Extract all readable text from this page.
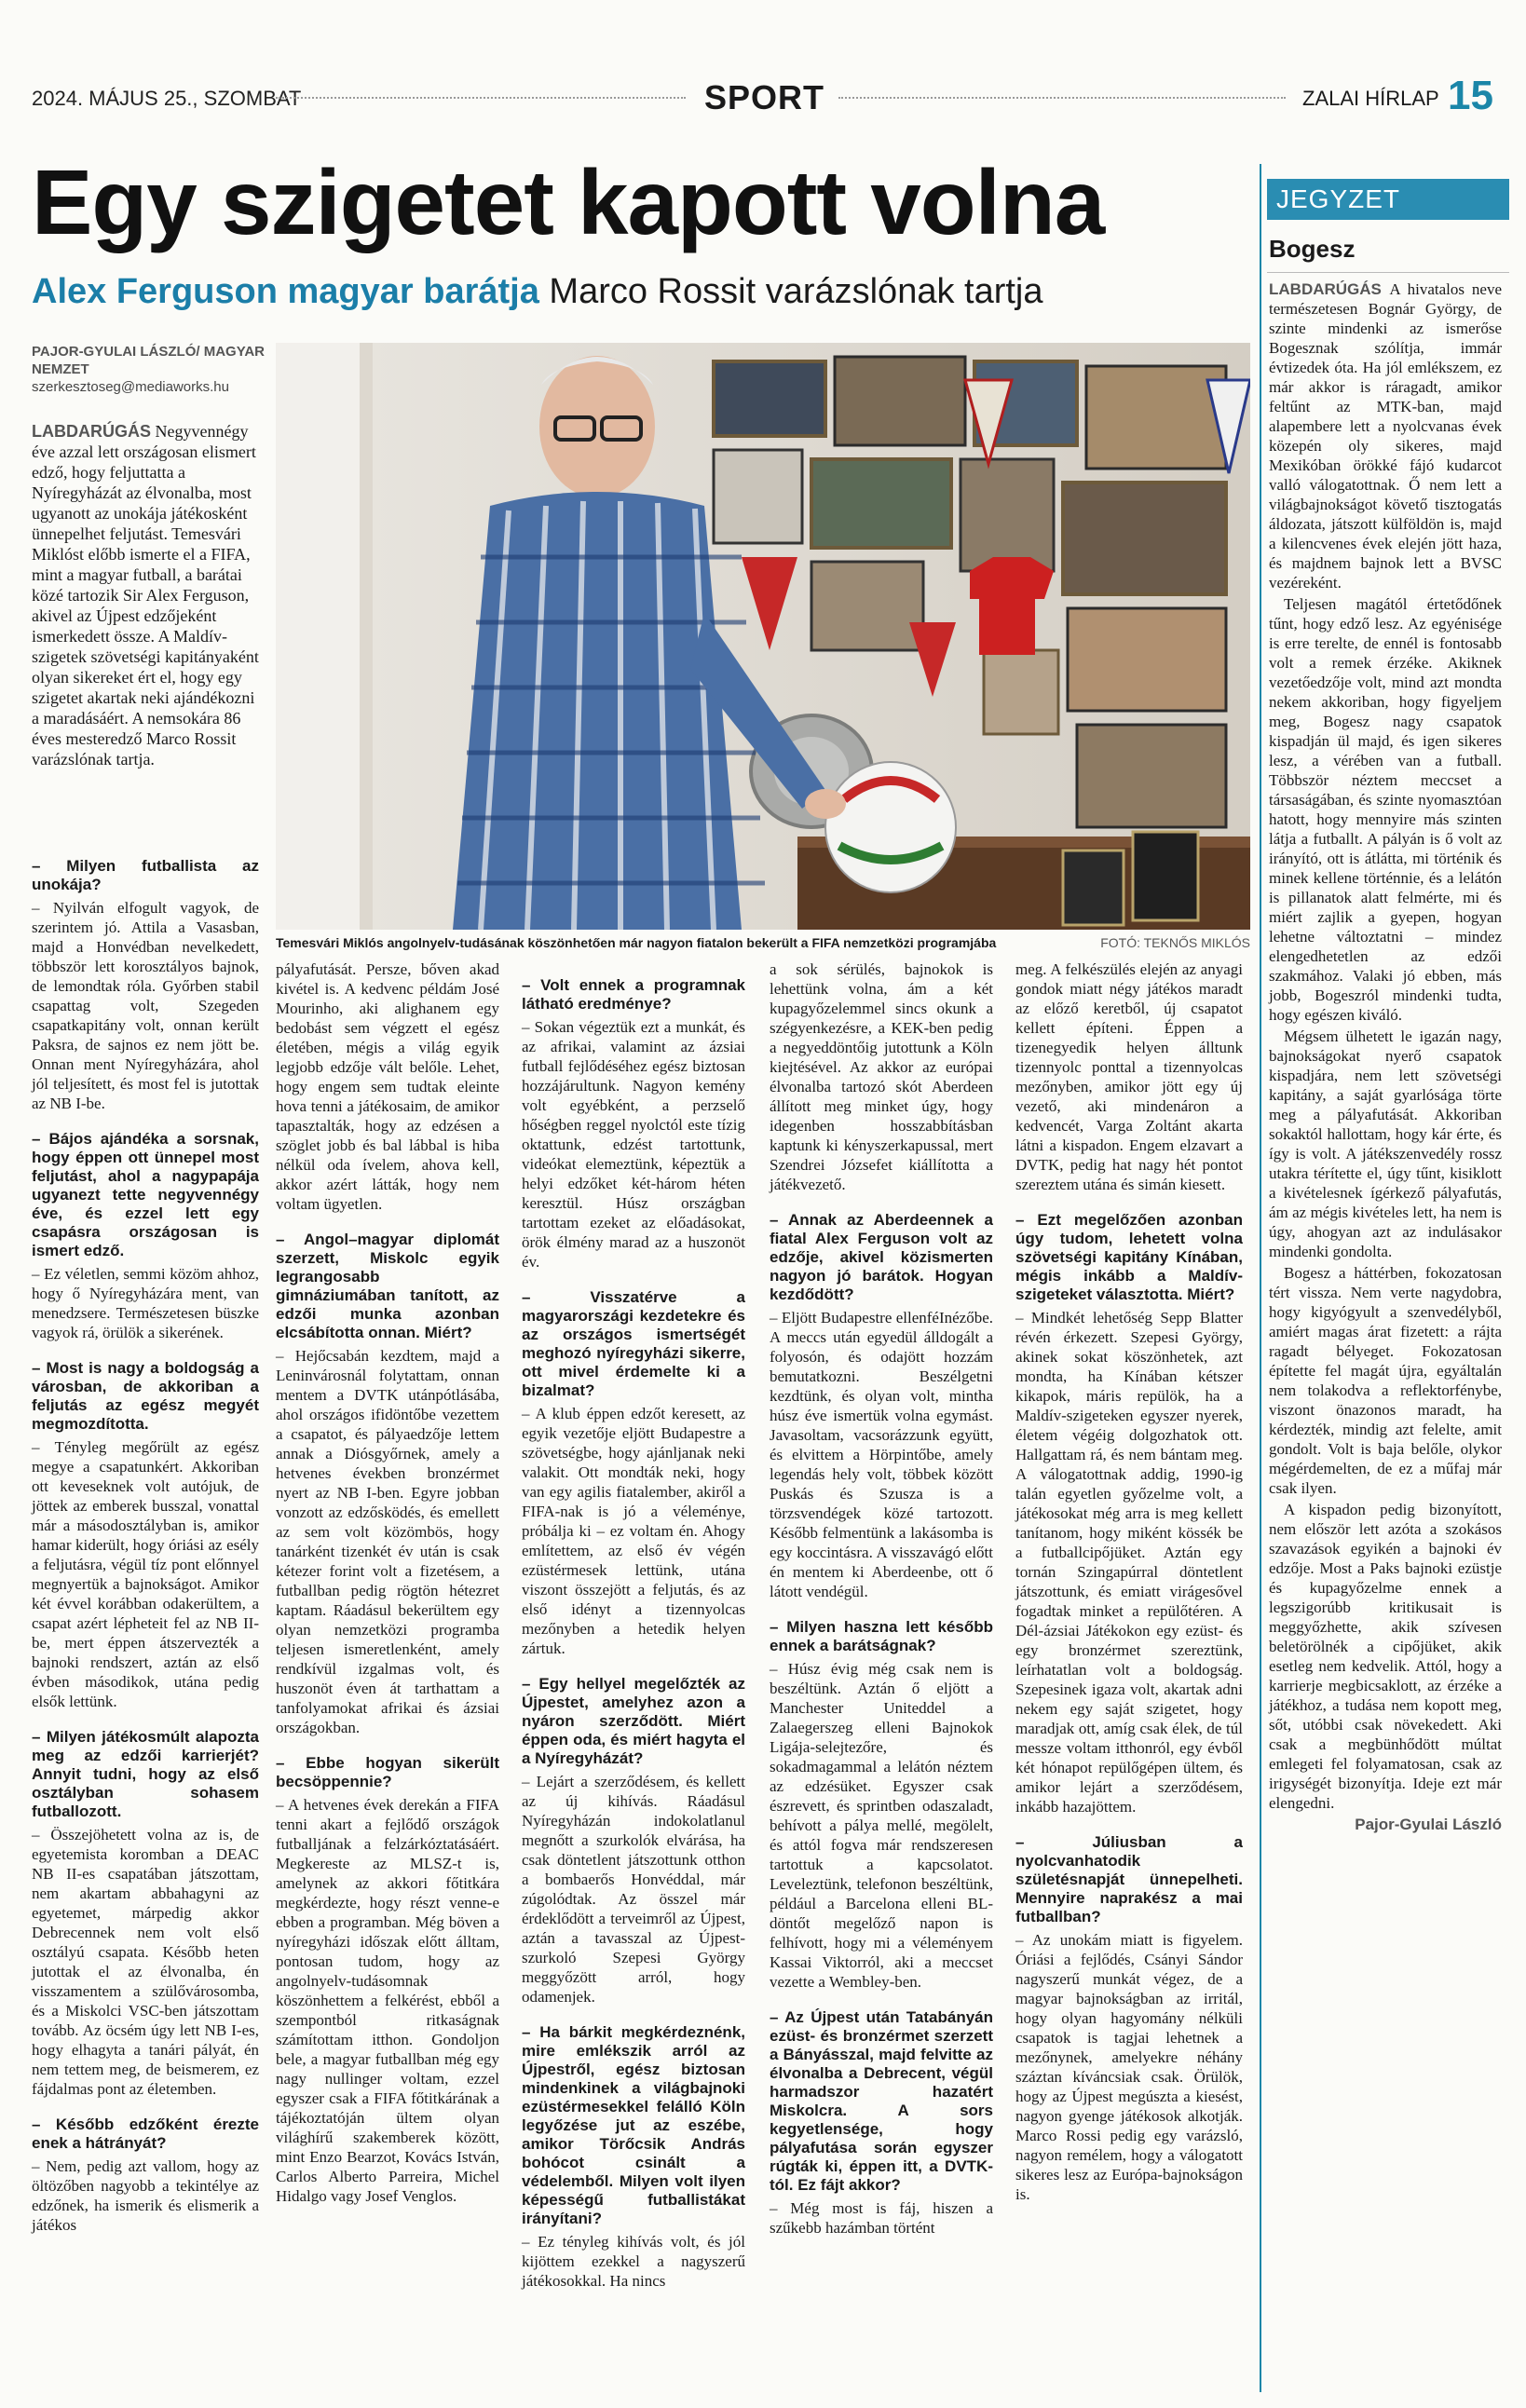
2024. MÁJUS 25., SZOMBAT	SPORT	ZALAI HÍRLAP 15
Egy szigetet kapott volna
Alex Ferguson magyar barátja Marco Rossit varázslónak tartja
PAJOR-GYULAI LÁSZLÓ/ MAGYAR NEMZET
szerkesztoseg@mediaworks.hu
LABDARÚGÁS Negyvennégy éve azzal lett országosan elismert edző, hogy feljuttatta a Nyíregyházát az élvonalba, most ugyanott az unokája játékosként ünnepelhet feljutást. Temesvári Miklóst előbb ismerte el a FIFA, mint a magyar futball, a barátai közé tartozik Sir Alex Ferguson, akivel az Újpest edzőjeként ismerkedett össze. A Maldív-szigetek szövetségi kapitányaként olyan sikereket ért el, hogy egy szigetet akartak neki ajándékozni a maradásáért. A nemsokára 86 éves mesteredző Marco Rossit varázslónak tartja.
Temesvári Miklós angolnyelv-tudásának köszönhetően már nagyon fiatalon bekerült a FIFA nemzetközi programjába	FOTÓ: TEKNŐS MIKLÓS
– Milyen futballista az unokája?

– Nyilván elfogult vagyok, de szerintem jó. Attila a Vasasban, majd a Honvédban nevelkedett, többször lett korosztályos bajnok, de lemondtak róla. Győrben stabil csapattag volt, Szegeden csapatkapitány volt, onnan került Paksra, de sajnos ez nem jött be. Onnan ment Nyíregyházára, ahol jól teljesített, és most fel is jutottak az NB I-be.

– Bájos ajándéka a sorsnak, hogy éppen ott ünnepel most feljutást, ahol a nagypapája ugyanezt tette negyvennégy éve, és ezzel lett egy csapásra országosan is ismert edző.

– Ez véletlen, semmi közöm ahhoz, hogy ő Nyíregyházára ment, van menedzsere. Természetesen büszke vagyok rá, örülök a sikerének.

– Most is nagy a boldogság a városban, de akkoriban a feljutás az egész megyét megmozdította.

– Tényleg megőrült az egész megye a csapatunkért. Akkoriban ott keveseknek volt autójuk, de jöttek az emberek busszal, vonattal már a másodosztályban is, amikor hamar kiderült, hogy óriási az esély a feljutásra, végül tíz pont előnnyel megnyertük a bajnokságot. Amikor két évvel korábban odakerültem, a csapat azért lépheteit fel az NB II-be, mert éppen átszervezték a bajnoki rendszert, aztán az első évben másodikok, utána pedig elsők lettünk.

– Milyen játékosmúlt alapozta meg az edzői karrierjét? Annyit tudni, hogy az első osztályban sohasem futballozott.

– Összejöhetett volna az is, de egyetemista koromban a DEAC NB II-es csapatában játszottam, nem akartam abbahagyni az egyetemet, márpedig akkor Debrecennek nem volt első osztályú csapata. Később heten jutottak el az élvonalba, én visszamentem a szülővárosomba, és a Miskolci VSC-ben játszottam tovább. Az öcsém úgy lett NB I-es, hogy elhagyta a tanári pályát, én nem tettem meg, de beismerem, ez fájdalmas pont az életemben.

– Később edzőként érezte enek a hátrányát?

– Nem, pedig azt vallom, hogy az öltözőben nagyobb a tekintélye az edzőnek, ha ismerik és elismerik a játékos

pályafutását. Persze, bőven akad kivétel is. A kedvenc példám José Mourinho, aki alighanem egy bedobást sem végzett el egész életében, mégis a világ egyik legjobb edzője vált belőle. Lehet, hogy engem sem tudtak eleinte hova tenni a játékosaim, de amikor tapasztalták, hogy az edzésen a szöglet jobb és bal lábbal is hiba nélkül oda ívelem, ahova kell, akkor azért látták, hogy nem voltam ügyetlen.

– Angol–magyar diplomát szerzett, Miskolc egyik legrangosabb gimnáziumában tanított, az edzői munka azonban elcsábította onnan. Miért?

– Hejőcsabán kezdtem, majd a Leninvárosnál folytattam, onnan mentem a DVTK utánpótlásába, ahol országos ifidöntőbe vezettem a csapatot, és pályaedzője lettem annak a Diósgyőrnek, amely a hetvenes években bronzérmet nyert az NB I-ben. Egyre jobban vonzott az edzősködés, és emellett az sem volt közömbös, hogy tanárként tizenkét év után is csak kétezer forint volt a fizetésem, a futballban pedig rögtön hétezret kaptam. Ráadásul bekerültem egy olyan nemzetközi programba teljesen ismeretlenként, amely rendkívül izgalmas volt, és huszonöt éven át tarthattam a tanfolyamokat afrikai és ázsiai országokban.

– Ebbe hogyan sikerült becsöppennie?

– A hetvenes évek derekán a FIFA tenni akart a fejlődő országok futballjának a felzárkóztatásáért. Megkereste az MLSZ-t is, amelynek az akkori főtitkára megkérdezte, hogy részt venne-e ebben a programban. Még böven a nyíregyházi időszak előtt álltam, pontosan tudom, hogy az angolnyelv-tudásomnak köszönhettem a felkérést, ebből a szempontból ritkaságnak számítottam itthon. Gondoljon bele, a magyar futballban még egy nagy nullinger voltam, ezzel egyszer csak a FIFA főtitkárának a tájékoztatóján ültem olyan világhírű szakemberek között, mint Enzo Bearzot, Kovács István, Carlos Alberto Parreira, Michel Hidalgo vagy Josef Venglos.

– Volt ennek a programnak látható eredménye?

– Sokan végeztük ezt a munkát, és az afrikai, valamint az ázsiai futball fejlődéséhez egész biztosan hozzájárultunk. Nagyon kemény volt egyébként, a perzselő hőségben reggel nyolctól este tízig oktattunk, edzést tartottunk, videókat elemeztünk, képeztük a helyi edzőket két-három héten keresztül. Húsz országban tartottam ezeket az előadásokat, örök élmény marad az a huszonöt év.

– Visszatérve a magyarországi kezdetekre és az országos ismertségét meghozó nyíregyházi sikerre, ott mivel érdemelte ki a bizalmat?

– A klub éppen edzőt keresett, az egyik vezetője eljött Budapestre a szövetségbe, hogy ajánljanak neki valakit. Ott mondták neki, hogy van egy agilis fiatalember, akiről a FIFA-nak is jó a véleménye, próbálja ki – ez voltam én. Ahogy említettem, az első év végén ezüstérmesek lettünk, utána viszont összejött a feljutás, és az első idényt a tizennyolcas mezőnyben a hetedik helyen zártuk.

– Egy hellyel megelőzték az Újpestet, amelyhez azon a nyáron szerződött. Miért éppen oda, és miért hagyta el a Nyíregyházát?

– Lejárt a szerződésem, és kellett az új kihívás. Ráadásul Nyíregyházán indokolatlanul megnőtt a szurkolók elvárása, ha csak döntetlent játszottunk otthon a bombaerős Honvéddal, már zúgolódtak. Az összel már érdeklődött a terveimről az Újpest, aztán a tavasszal az Újpest-szurkoló Szepesi György meggyőzött arról, hogy odamenjek.

– Ha bárkit megkérdeznénk, mire emlékszik arról az Újpestről, egész biztosan mindenkinek a világbajnoki ezüstérmesekkel felálló Köln legyőzése jut az eszébe, amikor Törőcsik András bohócot csinált a védelemből. Milyen volt ilyen képességű futballistákat irányítani?

– Ez tényleg kihívás volt, és jól kijöttem ezekkel a nagyszerű játékosokkal. Ha nincs

a sok sérülés, bajnokok is lehettünk volna, ám a két kupagyőzelemmel sincs okunk a szégyenkezésre, a KEK-ben pedig a negyeddöntőig jutottunk a Köln kiejtésével. Az akkor az európai élvonalba tartozó skót Aberdeen állított meg minket úgy, hogy idegenben hosszabbításban kaptunk ki kényszerkapussal, mert Szendrei Józsefet kiállította a játékvezető.

– Annak az Aberdeennek a fiatal Alex Ferguson volt az edzője, akivel közismerten nagyon jó barátok. Hogyan kezdődött?

– Eljött Budapestre ellenféInézőbe. A meccs után egyedül álldogált a folyosón, és odajött hozzám bemutatkozni. Beszélgetni kezdtünk, és olyan volt, mintha húsz éve ismertük volna egymást. Javasoltam, vacsorázzunk együtt, és elvittem a Hörpintőbe, amely legendás hely volt, többek között Puskás és Szusza is a törzsvendégek közé tartozott. Később felmentünk a lakásomba is egy koccintásra. A visszavágó előtt én mentem ki Aberdeenbe, ott ő látott vendégül.

– Milyen haszna lett később ennek a barátságnak?

– Húsz évig még csak nem is beszéltünk. Aztán ő eljött a Manchester Uniteddel a Zalaegerszeg elleni Bajnokok Ligája-selejtezőre, és sokadmagammal a lelátón néztem az edzésüket. Egyszer csak észrevett, és sprintben odaszaladt, behívott a pálya mellé, megölelt, és attól fogva már rendszeresen tartottuk a kapcsolatot. Leveleztünk, telefonon beszéltünk, például a Barcelona elleni BL-döntőt megelőző napon is felhívott, hogy mi a véleményem Kassai Viktorról, aki a meccset vezette a Wembley-ben.

– Az Újpest után Tatabányán ezüst- és bronzérmet szerzett a Bányásszal, majd felvitte az élvonalba a Debrecent, végül harmadszor hazatért Miskolcra. A sors kegyetlensége, hogy pályafutása során egyszer rúgták ki, éppen itt, a DVTK-tól. Ez fájt akkor?

– Még most is fáj, hiszen a szűkebb hazámban történt

meg. A felkészülés elején az anyagi gondok miatt négy játékos maradt az előző keretből, új csapatot kellett építeni. Éppen a tizenegyedik helyen álltunk tizennyolc ponttal a tizennyolcas mezőnyben, amikor jött egy új vezető, aki mindenáron a kedvencét, Varga Zoltánt akarta látni a kispadon. Engem elzavart a DVTK, pedig hat nagy hét pontot szereztem utána és simán kiesett.

– Ezt megelőzően azonban úgy tudom, lehetett volna szövetségi kapitány Kínában, mégis inkább a Maldív-szigeteket választotta. Miért?

– Mindkét lehetőség Sepp Blatter révén érkezett. Szepesi György, akinek sokat köszönhetek, azt mondta, ha Kínában kétszer kikapok, máris repülök, ha a Maldív-szigeteken egyszer nyerek, életem végéig dolgozhatok ott. Hallgattam rá, és nem bántam meg. A válogatottnak addig, 1990-ig talán egyetlen győzelme volt, a játékosokat még arra is meg kellett tanítanom, hogy miként kössék be a futballcipőjüket. Aztán egy tornán Szingapúrral döntetlent játszottunk, és emiatt virágesővel fogadtak minket a repülőtéren. A Dél-ázsiai Játékokon egy ezüst- és egy bronzérmet szereztünk, leírhatatlan volt a boldogság. Szepesinek igaza volt, akartak adni nekem egy saját szigetet, hogy maradjak ott, amíg csak élek, de túl messze voltam itthonról, egy évből két hónapot repülőgépen ültem, és amikor lejárt a szerződésem, inkább hazajöttem.

– Júliusban a nyolcvanhatodik születésnapját ünnepelheti. Mennyire naprakész a mai futballban?

– Az unokám miatt is figyelem. Óriási a fejlődés, Csányi Sándor nagyszerű munkát végez, de a magyar bajnokságban az irritál, hogy olyan hagyomány nélküli csapatok is tagjai lehetnek a mezőnynek, amelyekre néhány száztan kíváncsiak csak. Örülök, hogy az Újpest megúszta a kiesést, nagyon gyenge játékosok alkotják. Marco Rossi pedig egy varázsló, nagyon remélem, hogy a válogatott sikeres lesz az Európa-bajnokságon is.

JEGYZET
Bogesz

LABDARÚGÁS A hivatalos neve természetesen Bognár György, de szinte mindenki az ismerőse Bogesznak szólítja, immár évtizedek óta. Ha jól emlékszem, ez már akkor is ráragadt, amikor feltűnt az MTK-ban, majd alapembere lett a nyolcvanas évek közepén oly sikeres, majd Mexikóban örökké fájó kudarcot valló válogatottnak. Ő nem lett a világbajnokságot követő tisztogatás áldozata, játszott külföldön is, majd a kilencvenes évek elején jött haza, és majdnem bajnok lett a BVSC vezéreként.

Teljesen magától értetődőnek tűnt, hogy edző lesz. Az egyénisége is erre terelte, de ennél is fontosabb volt a remek érzéke. Akiknek vezetőedzője volt, mind azt mondta nekem akkoriban, hogy figyeljem meg, Bogesz nagy csapatok kispadján ül majd, és igen sikeres lesz, a vérében van a futball. Többször néztem meccset a társaságában, és szinte nyomasztóan hatott, hogy mennyire más szinten látja a futballt. A pályán is ő volt az irányító, ott is átlátta, mi történik és minek kellene történnie, és a lelátón is pillanatok alatt felmérte, mi és miért zajlik a gyepen, hogyan lehetne változtatni – mindez elengedhetetlen az edzői szakmához. Valaki jó ebben, más jobb, Bogeszról mindenki tudta, hogy egészen kiváló.

Mégsem ülhetett le igazán nagy, bajnokságokat nyerő csapatok kispadjára, nem lett szövetségi kapitány, a saját gyarlósága törte meg a pályafutását. Akkoriban sokaktól hallottam, hogy kár érte, és így is volt. A játékszenvedély rossz utakra térítette el, úgy tűnt, kisiklott a kivételesnek ígérkező pályafutás, ám az mégis kivételes lett, ha nem is úgy, ahogyan azt az indulásakor mindenki gondolta.

Bogesz a háttérben, fokozatosan tért vissza. Nem verte nagydobra, hogy kigyógyult a szenvedélyből, amiért magas árat fizetett: a rájta ragadt bélyeget. Fokozatosan építette fel magát újra, egyáltalán nem tolakodva a reflektorfénybe, viszont önazonos maradt, ha kérdezték, mindig azt felelte, amit gondolt. Volt is baja belőle, olykor mégérdemelten, de ez a műfaj már csak ilyen.

A kispadon pedig bizonyított, nem először lett azóta a szokásos szavazások egyikén a bajnoki év edzője. Most a Paks bajnoki ezüstje és kupagyőzelme ennek a legszigorúbb kritikusait is meggyőzhette, akik szívesen beletörölnék a cipőjüket, akik esetleg nem kedvelik. Attól, hogy a karrierje megbicsaklott, az érzéke a játékhoz, a tudása nem kopott meg, sőt, utóbbi csak növekedett. Aki csak a megbünhődött múltat emlegeti fel folyamatosan, csak az irigységét bizonyítja. Ideje ezt már elengedni.

Pajor-Gyulai László
